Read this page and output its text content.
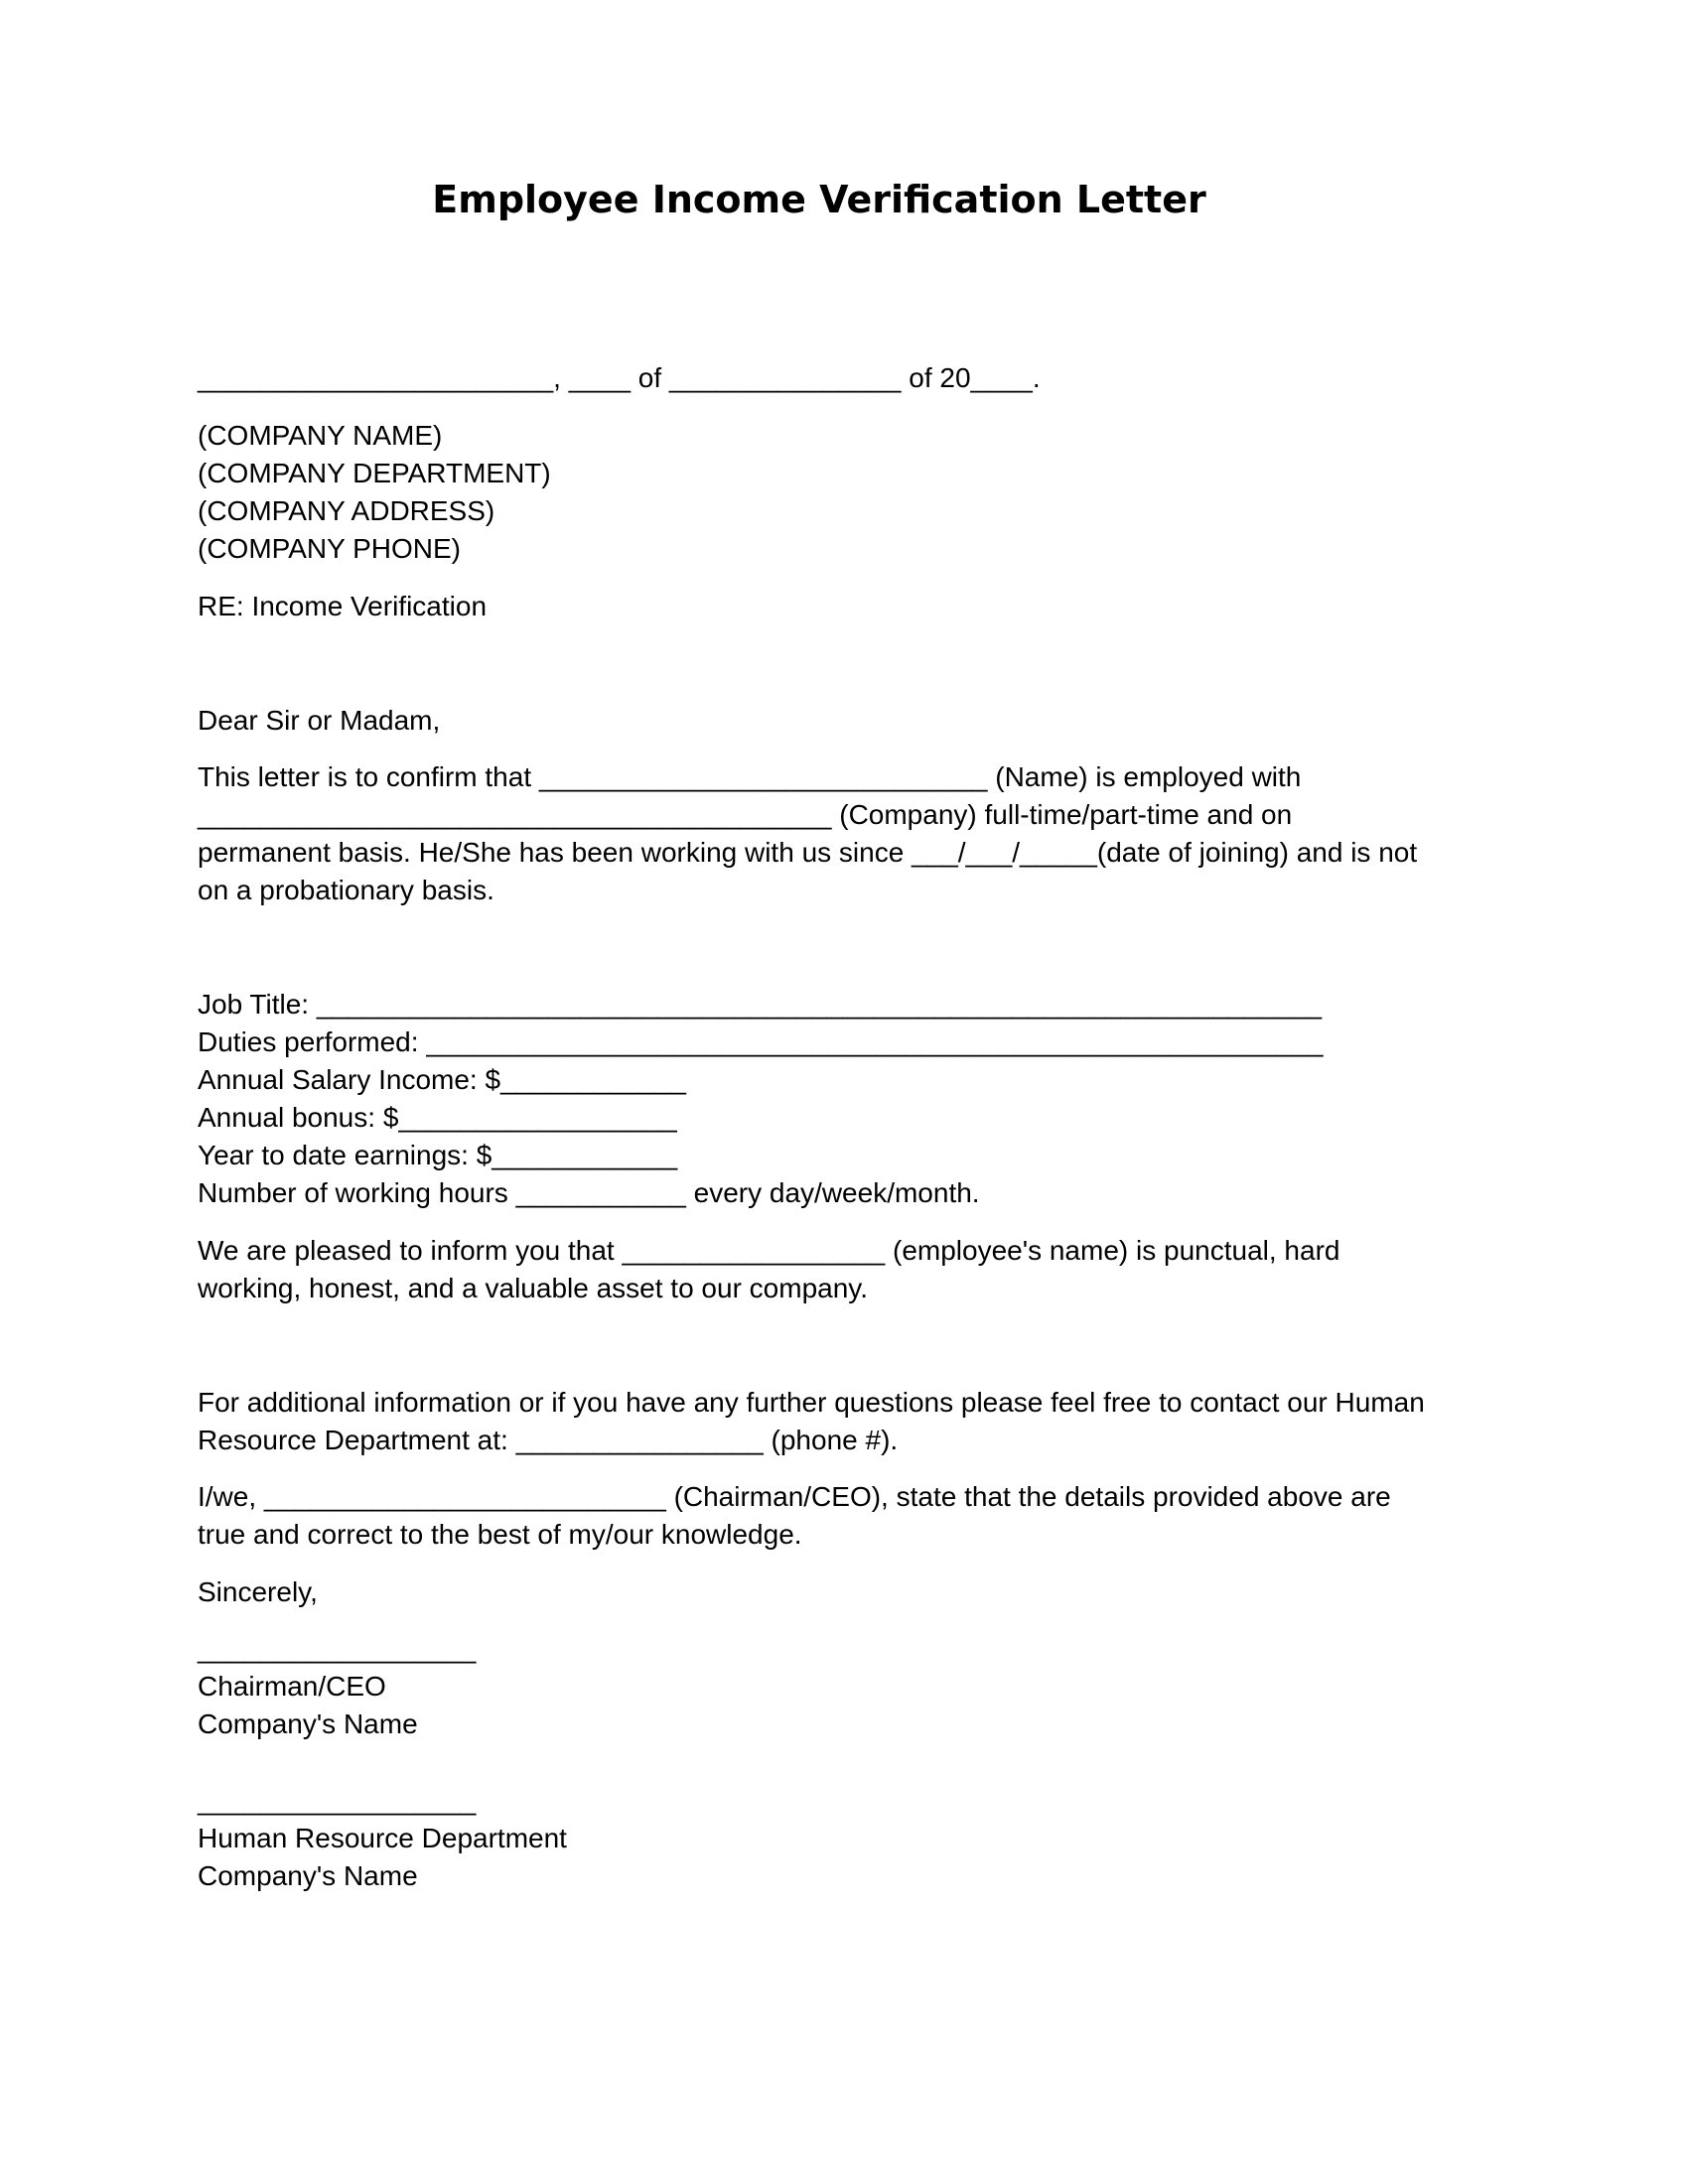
Employee Income Verification Letter

_______________________, ____ of _______________ of 20____.

(COMPANY NAME)

(COMPANY DEPARTMENT)

(COMPANY ADDRESS)

(COMPANY PHONE)

RE: Income Verification

Dear Sir or Madam,

This letter is to confirm that _____________________________ (Name) is employed with

_________________________________________ (Company) full-time/part-time and on

permanent basis. He/She has been working with us since ___/___/_____(date of joining) and is not

on a probationary basis.

Job Title: _________________________________________________________________

Duties performed: __________________________________________________________

Annual Salary Income: $____________

Annual bonus: $__________________

Year to date earnings: $____________

Number of working hours ___________ every day/week/month.

We are pleased to inform you that _________________ (employee's name) is punctual, hard

working, honest, and a valuable asset to our company.

For additional information or if you have any further questions please feel free to contact our Human

Resource Department at: ________________ (phone #).

I/we, __________________________ (Chairman/CEO), state that the details provided above are

true and correct to the best of my/our knowledge.

Sincerely,

__________________

Chairman/CEO

Company's Name

__________________

Human Resource Department

Company's Name
